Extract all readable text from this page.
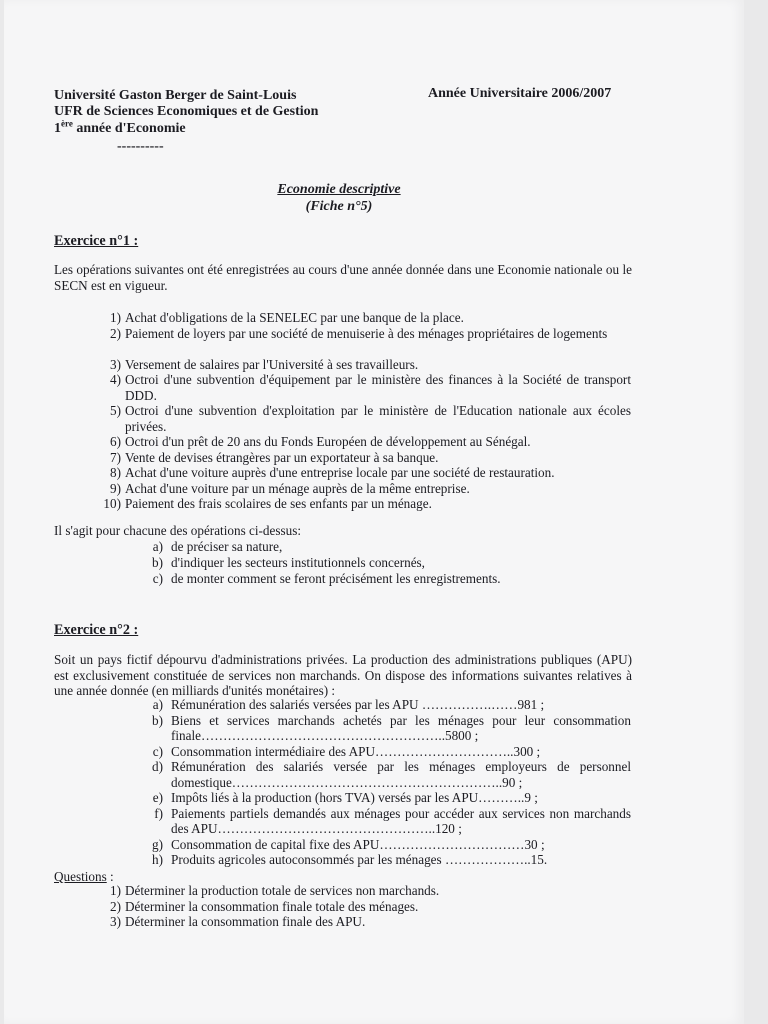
Université Gaston Berger de Saint-Louis
UFR de Sciences Economiques et de Gestion
1ère année d'Economie
----------
Année Universitaire 2006/2007
Economie descriptive
(Fiche n°5)
Exercice n°1 :
Les opérations suivantes ont été enregistrées au cours d'une année donnée dans une Economie nationale ou le SECN est en vigueur.
1) Achat d'obligations de la SENELEC par une banque de la place.
2) Paiement de loyers par une société de menuiserie à des ménages propriétaires de logements
3) Versement de salaires par l'Université à ses travailleurs.
4) Octroi d'une subvention d'équipement par le ministère des finances à la Société de transport DDD.
5) Octroi d'une subvention d'exploitation par le ministère de l'Education nationale aux écoles privées.
6) Octroi d'un prêt de 20 ans du Fonds Européen de développement au Sénégal.
7) Vente de devises étrangères par un exportateur à sa banque.
8) Achat d'une voiture auprès d'une entreprise locale par une société de restauration.
9) Achat d'une voiture par un ménage auprès de la même entreprise.
10) Paiement des frais scolaires de ses enfants par un ménage.
Il s'agit pour chacune des opérations ci-dessus:
a) de préciser sa nature,
b) d'indiquer les secteurs institutionnels concernés,
c) de monter comment se feront précisément les enregistrements.
Exercice n°2 :
Soit un pays fictif dépourvu d'administrations privées. La production des administrations publiques (APU) est exclusivement constituée de services non marchands. On dispose des informations suivantes relatives à une année donnée (en milliards d'unités monétaires) :
a) Rémunération des salariés versées par les APU …………….……981 ;
b) Biens et services marchands achetés par les ménages pour leur consommation finale………………………………………………..5800 ;
c) Consommation intermédiaire des APU…………………………..300 ;
d) Rémunération des salariés versée par les ménages employeurs de personnel domestique……………………………………………………..90 ;
e) Impôts liés à la production (hors TVA) versés par les APU………..9 ;
f) Paiements partiels demandés aux ménages pour accéder aux services non marchands des APU…………………………………………..120 ;
g) Consommation de capital fixe des APU……………………………30 ;
h) Produits agricoles autoconsommés par les ménages ………………..15.
Questions :
1) Déterminer la production totale de services non marchands.
2) Déterminer la consommation finale totale des ménages.
3) Déterminer la consommation finale des APU.
